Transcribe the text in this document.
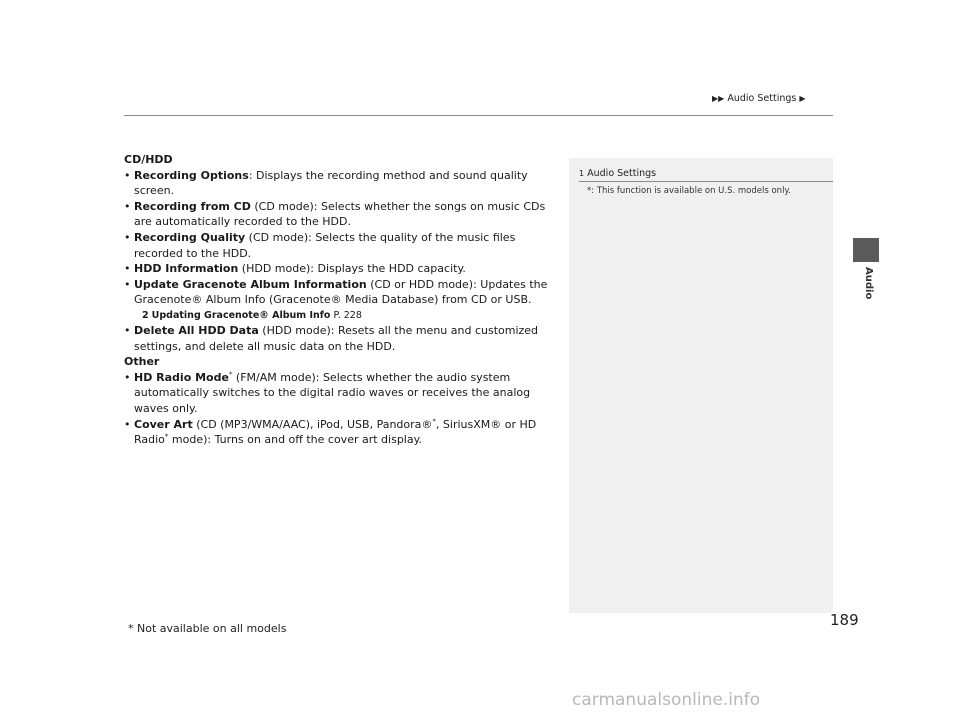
▶▶ Audio Settings ▶
Audio
CD/HDD
• Recording Options: Displays the recording method and sound quality screen.
• Recording from CD (CD mode): Selects whether the songs on music CDs are automatically recorded to the HDD.
• Recording Quality (CD mode): Selects the quality of the music files recorded to the HDD.
• HDD Information (HDD mode): Displays the HDD capacity.
• Update Gracenote Album Information (CD or HDD mode): Updates the Gracenote® Album Info (Gracenote® Media Database) from CD or USB.
2 Updating Gracenote® Album Info P. 228
• Delete All HDD Data (HDD mode): Resets all the menu and customized settings, and delete all music data on the HDD.
Other
• HD Radio Mode* (FM/AM mode): Selects whether the audio system automatically switches to the digital radio waves or receives the analog waves only.
• Cover Art (CD (MP3/WMA/AAC), iPod, USB, Pandora®*, SiriusXM® or HD Radio* mode): Turns on and off the cover art display.
1 Audio Settings
*: This function is available on U.S. models only.
* Not available on all models	189
carmanualsonline.info
